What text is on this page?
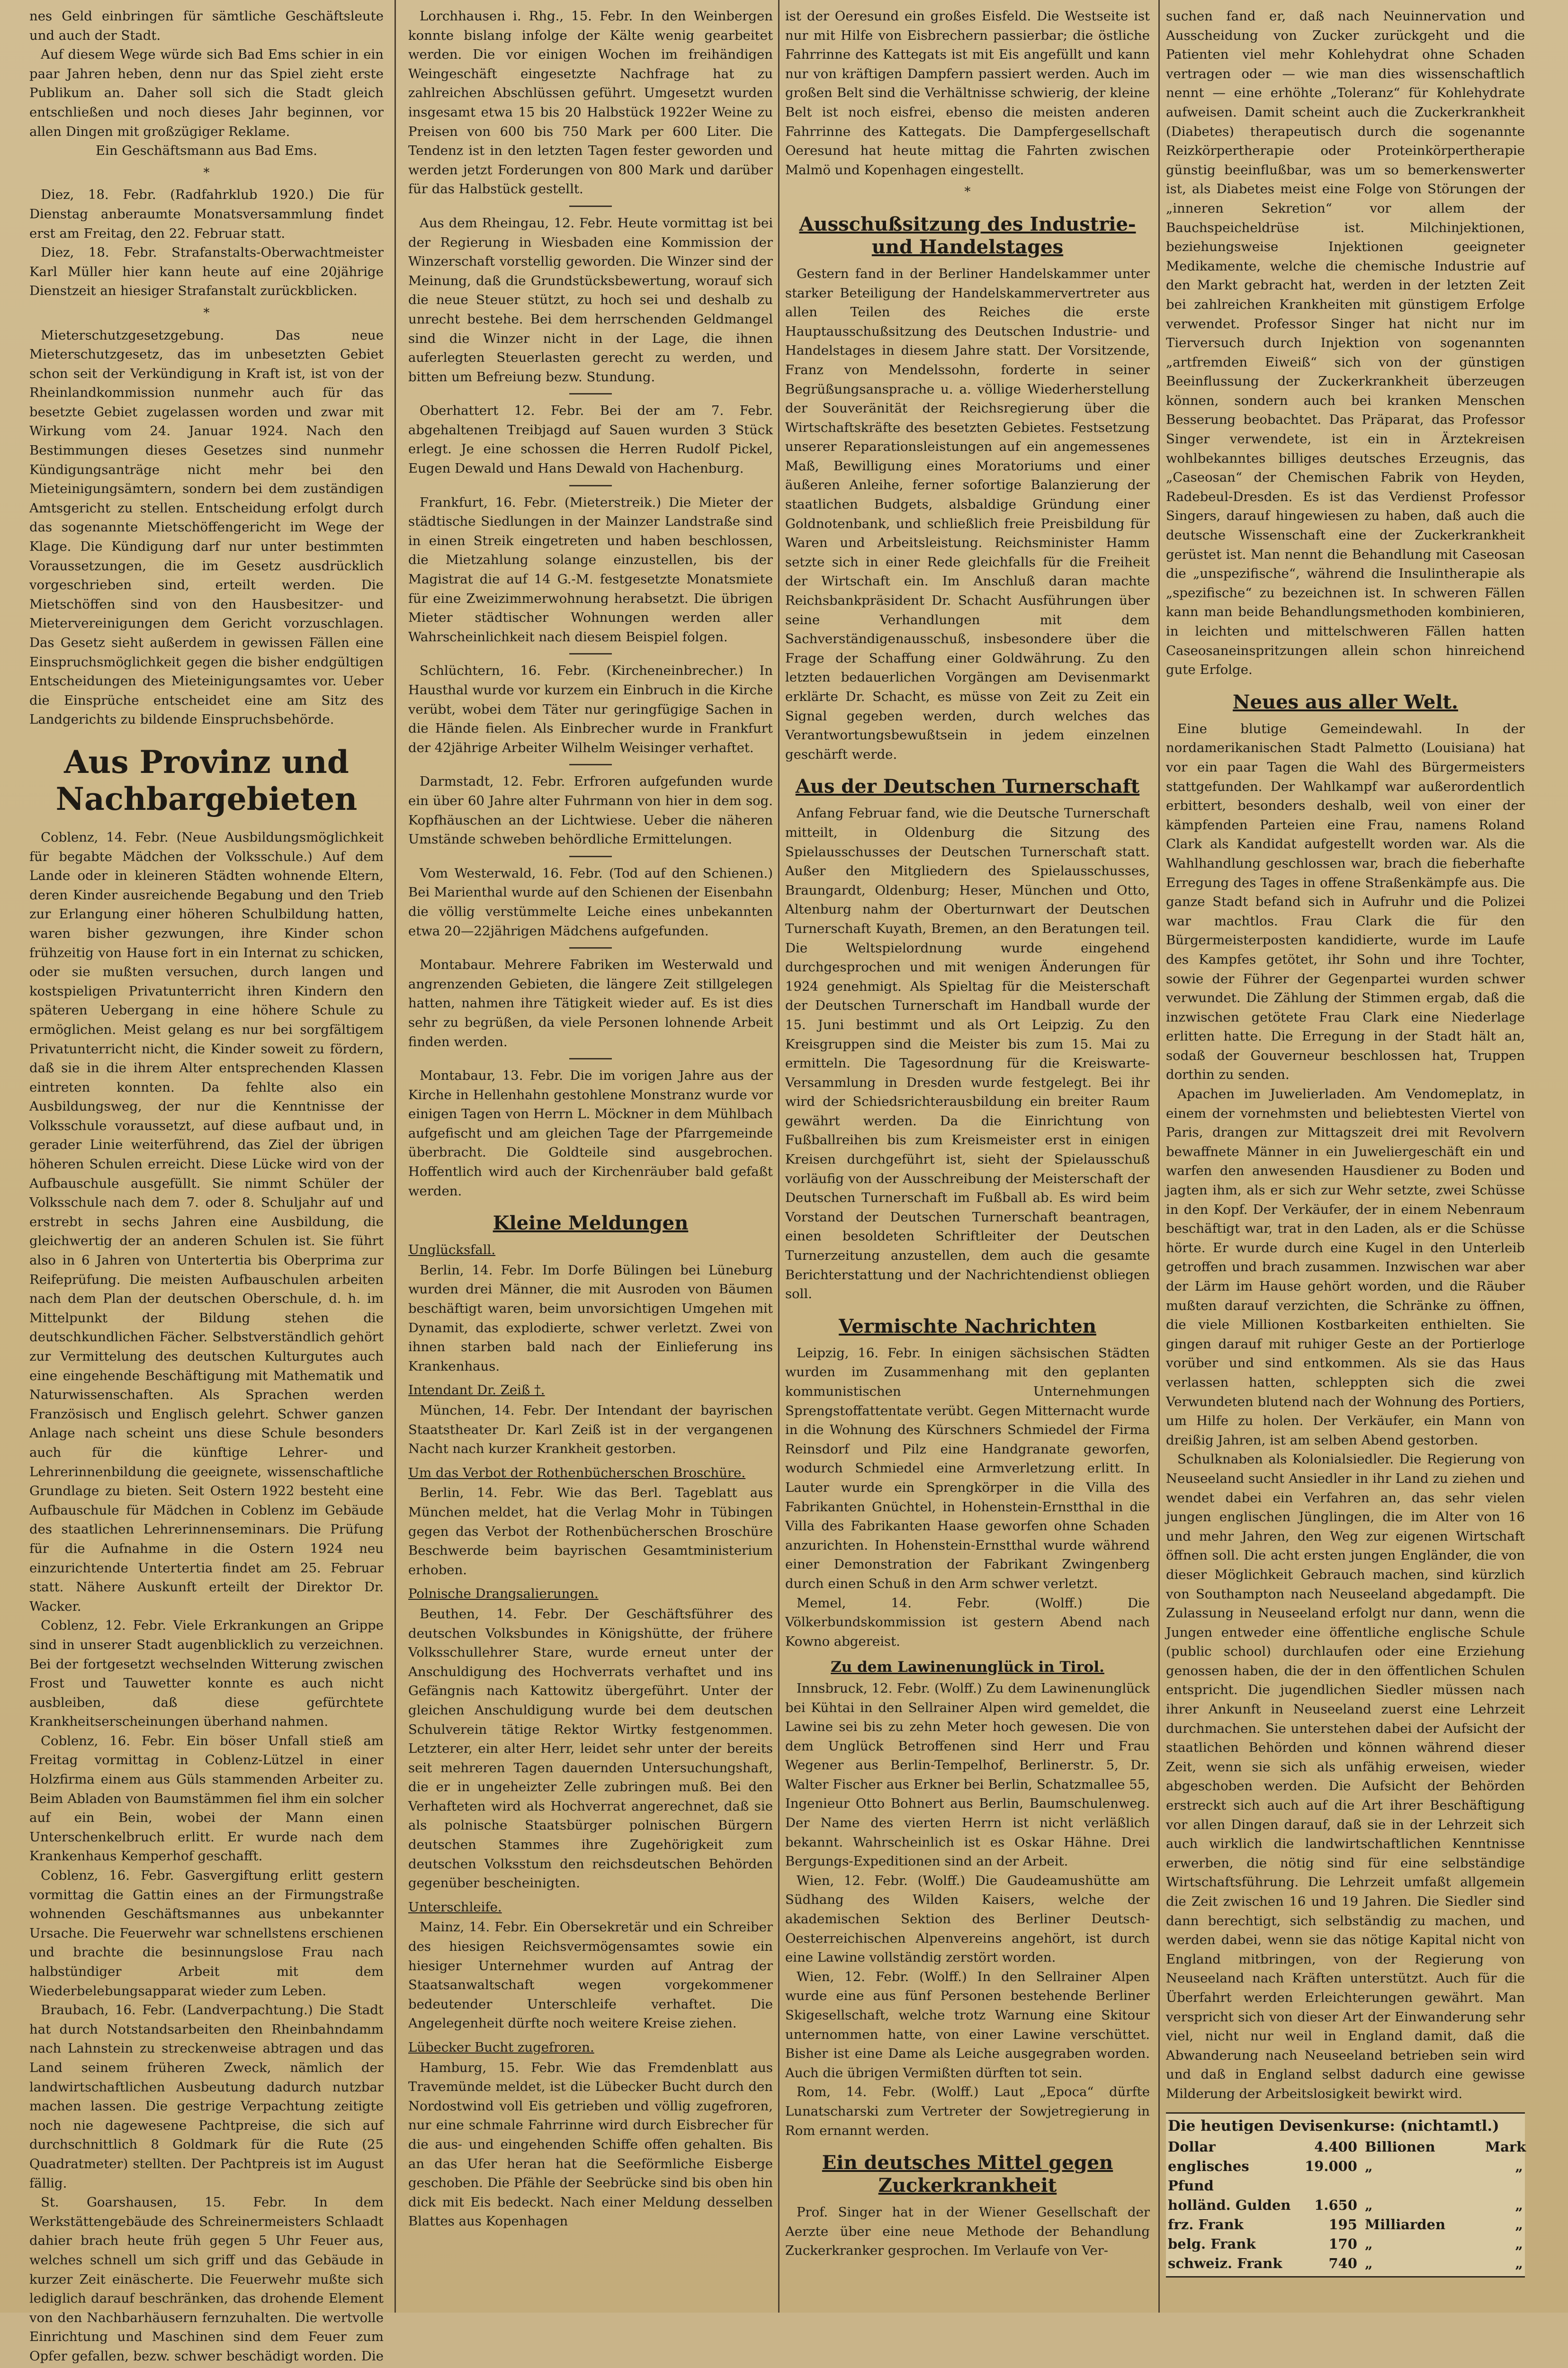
nes Geld einbringen für sämtliche Geschäftsleute und auch der Stadt.

Auf diesem Wege würde sich Bad Ems schier in ein paar Jahren heben, denn nur das Spiel zieht erste Publikum an. Daher soll sich die Stadt gleich entschließen und noch dieses Jahr beginnen, vor allen Dingen mit großzügiger Reklame.

Ein Geschäftsmann aus Bad Ems.

*

Diez, 18. Febr. (Radfahrklub 1920.) Die für Dienstag anberaumte Monatsversammlung findet erst am Freitag, den 22. Februar statt.

Diez, 18. Febr. Strafanstalts-Oberwachtmeister Karl Müller hier kann heute auf eine 20jährige Dienstzeit an hiesiger Strafanstalt zurückblicken.

*

Mieterschutzgesetzgebung. Das neue Mieterschutzgesetz, das im unbesetzten Gebiet schon seit der Verkündigung in Kraft ist, ist von der Rheinlandkommission nunmehr auch für das besetzte Gebiet zugelassen worden und zwar mit Wirkung vom 24. Januar 1924. Nach den Bestimmungen dieses Gesetzes sind nunmehr Kündigungsanträge nicht mehr bei den Mieteinigungsämtern, sondern bei dem zuständigen Amtsgericht zu stellen. Entscheidung erfolgt durch das sogenannte Mietschöffengericht im Wege der Klage. Die Kündigung darf nur unter bestimmten Voraussetzungen, die im Gesetz ausdrücklich vorgeschrieben sind, erteilt werden. Die Mietschöffen sind von den Hausbesitzer- und Mietervereinigungen dem Gericht vorzuschlagen. Das Gesetz sieht außerdem in gewissen Fällen eine Einspruchsmöglichkeit gegen die bisher endgültigen Entscheidungen des Mieteinigungsamtes vor. Ueber die Einsprüche entscheidet eine am Sitz des Landgerichts zu bildende Einspruchsbehörde.

Aus Provinz und Nachbargebieten

Coblenz, 14. Febr. (Neue Ausbildungsmöglichkeit für begabte Mädchen der Volksschule.) Auf dem Lande oder in kleineren Städten wohnende Eltern, deren Kinder ausreichende Begabung und den Trieb zur Erlangung einer höheren Schulbildung hatten, waren bisher gezwungen, ihre Kinder schon frühzeitig von Hause fort in ein Internat zu schicken, oder sie mußten versuchen, durch langen und kostspieligen Privatunterricht ihren Kindern den späteren Uebergang in eine höhere Schule zu ermöglichen. Meist gelang es nur bei sorgfältigem Privatunterricht nicht, die Kinder soweit zu fördern, daß sie in die ihrem Alter entsprechenden Klassen eintreten konnten. Da fehlte also ein Ausbildungsweg, der nur die Kenntnisse der Volksschule voraussetzt, auf diese aufbaut und, in gerader Linie weiterführend, das Ziel der übrigen höheren Schulen erreicht. Diese Lücke wird von der Aufbauschule ausgefüllt. Sie nimmt Schüler der Volksschule nach dem 7. oder 8. Schuljahr auf und erstrebt in sechs Jahren eine Ausbildung, die gleichwertig der an anderen Schulen ist. Sie führt also in 6 Jahren von Untertertia bis Oberprima zur Reifeprüfung. Die meisten Aufbauschulen arbeiten nach dem Plan der deutschen Oberschule, d. h. im Mittelpunkt der Bildung stehen die deutschkundlichen Fächer. Selbstverständlich gehört zur Vermittelung des deutschen Kulturgutes auch eine eingehende Beschäftigung mit Mathematik und Naturwissenschaften. Als Sprachen werden Französisch und Englisch gelehrt. Schwer ganzen Anlage nach scheint uns diese Schule besonders auch für die künftige Lehrer- und Lehrerinnenbildung die geeignete, wissenschaftliche Grundlage zu bieten. Seit Ostern 1922 besteht eine Aufbauschule für Mädchen in Coblenz im Gebäude des staatlichen Lehrerinnenseminars. Die Prüfung für die Aufnahme in die Ostern 1924 neu einzurichtende Untertertia findet am 25. Februar statt. Nähere Auskunft erteilt der Direktor Dr. Wacker.

Coblenz, 12. Febr. Viele Erkrankungen an Grippe sind in unserer Stadt augenblicklich zu verzeichnen. Bei der fortgesetzt wechselnden Witterung zwischen Frost und Tauwetter konnte es auch nicht ausbleiben, daß diese gefürchtete Krankheitserscheinungen überhand nahmen.

Coblenz, 16. Febr. Ein böser Unfall stieß am Freitag vormittag in Coblenz-Lützel in einer Holzfirma einem aus Güls stammenden Arbeiter zu. Beim Abladen von Baumstämmen fiel ihm ein solcher auf ein Bein, wobei der Mann einen Unterschenkelbruch erlitt. Er wurde nach dem Krankenhaus Kemperhof geschafft.

Coblenz, 16. Febr. Gasvergiftung erlitt gestern vormittag die Gattin eines an der Firmungstraße wohnenden Geschäftsmannes aus unbekannter Ursache. Die Feuerwehr war schnellstens erschienen und brachte die besinnungslose Frau nach halbstündiger Arbeit mit dem Wiederbelebungsapparat wieder zum Leben.

Braubach, 16. Febr. (Landverpachtung.) Die Stadt hat durch Notstandsarbeiten den Rheinbahndamm nach Lahnstein zu streckenweise abtragen und das Land seinem früheren Zweck, nämlich der landwirtschaftlichen Ausbeutung dadurch nutzbar machen lassen. Die gestrige Verpachtung zeitigte noch nie dagewesene Pachtpreise, die sich auf durchschnittlich 8 Goldmark für die Rute (25 Quadratmeter) stellten. Der Pachtpreis ist im August fällig.

St. Goarshausen, 15. Febr. In dem Werkstättengebäude des Schreinermeisters Schlaadt dahier brach heute früh gegen 5 Uhr Feuer aus, welches schnell um sich griff und das Gebäude in kurzer Zeit einäscherte. Die Feuerwehr mußte sich lediglich darauf beschränken, das drohende Element von den Nachbarhäusern fernzuhalten. Die wertvolle Einrichtung und Maschinen sind dem Feuer zum Opfer gefallen, bezw. schwer beschädigt worden. Die

Lorchhausen i. Rhg., 15. Febr. In den Weinbergen konnte bislang infolge der Kälte wenig gearbeitet werden. Die vor einigen Wochen im freihändigen Weingeschäft eingesetzte Nachfrage hat zu zahlreichen Abschlüssen geführt. Umgesetzt wurden insgesamt etwa 15 bis 20 Halbstück 1922er Weine zu Preisen von 600 bis 750 Mark per 600 Liter. Die Tendenz ist in den letzten Tagen fester geworden und werden jetzt Forderungen von 800 Mark und darüber für das Halbstück gestellt.

Aus dem Rheingau, 12. Febr. Heute vormittag ist bei der Regierung in Wiesbaden eine Kommission der Winzerschaft vorstellig geworden. Die Winzer sind der Meinung, daß die Grundstücksbewertung, worauf sich die neue Steuer stützt, zu hoch sei und deshalb zu unrecht bestehe. Bei dem herrschenden Geldmangel sind die Winzer nicht in der Lage, die ihnen auferlegten Steuerlasten gerecht zu werden, und bitten um Befreiung bezw. Stundung.

Oberhattert 12. Febr. Bei der am 7. Febr. abgehaltenen Treibjagd auf Sauen wurden 3 Stück erlegt. Je eine schossen die Herren Rudolf Pickel, Eugen Dewald und Hans Dewald von Hachenburg.

Frankfurt, 16. Febr. (Mieterstreik.) Die Mieter der städtische Siedlungen in der Mainzer Landstraße sind in einen Streik eingetreten und haben beschlossen, die Mietzahlung solange einzustellen, bis der Magistrat die auf 14 G.-M. festgesetzte Monatsmiete für eine Zweizimmerwohnung herabsetzt. Die übrigen Mieter städtischer Wohnungen werden aller Wahrscheinlichkeit nach diesem Beispiel folgen.

Schlüchtern, 16. Febr. (Kircheneinbrecher.) In Hausthal wurde vor kurzem ein Einbruch in die Kirche verübt, wobei dem Täter nur geringfügige Sachen in die Hände fielen. Als Einbrecher wurde in Frankfurt der 42jährige Arbeiter Wilhelm Weisinger verhaftet.

Darmstadt, 12. Febr. Erfroren aufgefunden wurde ein über 60 Jahre alter Fuhrmann von hier in dem sog. Kopfhäuschen an der Lichtwiese. Ueber die näheren Umstände schweben behördliche Ermittelungen.

Vom Westerwald, 16. Febr. (Tod auf den Schienen.) Bei Marienthal wurde auf den Schienen der Eisenbahn die völlig verstümmelte Leiche eines unbekannten etwa 20—22jährigen Mädchens aufgefunden.

Montabaur. Mehrere Fabriken im Westerwald und angrenzenden Gebieten, die längere Zeit stillgelegen hatten, nahmen ihre Tätigkeit wieder auf. Es ist dies sehr zu begrüßen, da viele Personen lohnende Arbeit finden werden.

Montabaur, 13. Febr. Die im vorigen Jahre aus der Kirche in Hellenhahn gestohlene Monstranz wurde vor einigen Tagen von Herrn L. Möckner in dem Mühlbach aufgefischt und am gleichen Tage der Pfarrgemeinde überbracht. Die Goldteile sind ausgebrochen. Hoffentlich wird auch der Kirchenräuber bald gefaßt werden.

Kleine Meldungen

Unglücksfall.

Berlin, 14. Febr. Im Dorfe Bülingen bei Lüneburg wurden drei Männer, die mit Ausroden von Bäumen beschäftigt waren, beim unvorsichtigen Umgehen mit Dynamit, das explodierte, schwer verletzt. Zwei von ihnen starben bald nach der Einlieferung ins Krankenhaus.

Intendant Dr. Zeiß †.

München, 14. Febr. Der Intendant der bayrischen Staatstheater Dr. Karl Zeiß ist in der vergangenen Nacht nach kurzer Krankheit gestorben.

Um das Verbot der Rothenbücherschen Broschüre.

Berlin, 14. Febr. Wie das Berl. Tageblatt aus München meldet, hat die Verlag Mohr in Tübingen gegen das Verbot der Rothenbücherschen Broschüre Beschwerde beim bayrischen Gesamtministerium erhoben.

Polnische Drangsalierungen.

Beuthen, 14. Febr. Der Geschäftsführer des deutschen Volksbundes in Königshütte, der frühere Volksschullehrer Stare, wurde erneut unter der Anschuldigung des Hochverrats verhaftet und ins Gefängnis nach Kattowitz übergeführt. Unter der gleichen Anschuldigung wurde bei dem deutschen Schulverein tätige Rektor Wirtky festgenommen. Letzterer, ein alter Herr, leidet sehr unter der bereits seit mehreren Tagen dauernden Untersuchungshaft, die er in ungeheizter Zelle zubringen muß. Bei den Verhafteten wird als Hochverrat angerechnet, daß sie als polnische Staatsbürger polnischen Bürgern deutschen Stammes ihre Zugehörigkeit zum deutschen Volksstum den reichsdeutschen Behörden gegenüber bescheinigten.

Unterschleife.

Mainz, 14. Febr. Ein Obersekretär und ein Schreiber des hiesigen Reichsvermögensamtes sowie ein hiesiger Unternehmer wurden auf Antrag der Staatsanwaltschaft wegen vorgekommener bedeutender Unterschleife verhaftet. Die Angelegenheit dürfte noch weitere Kreise ziehen.

Lübecker Bucht zugefroren.

Hamburg, 15. Febr. Wie das Fremdenblatt aus Travemünde meldet, ist die Lübecker Bucht durch den Nordostwind voll Eis getrieben und völlig zugefroren, nur eine schmale Fahrrinne wird durch Eisbrecher für die aus- und eingehenden Schiffe offen gehalten. Bis an das Ufer heran hat die Seeförmliche Eisberge geschoben. Die Pfähle der Seebrücke sind bis oben hin dick mit Eis bedeckt. Nach einer Meldung desselben Blattes aus Kopenhagen

ist der Oeresund ein großes Eisfeld. Die Westseite ist nur mit Hilfe von Eisbrechern passierbar; die östliche Fahrrinne des Kattegats ist mit Eis angefüllt und kann nur von kräftigen Dampfern passiert werden. Auch im großen Belt sind die Verhältnisse schwierig, der kleine Belt ist noch eisfrei, ebenso die meisten anderen Fahrrinne des Kattegats. Die Dampfergesellschaft Oeresund hat heute mittag die Fahrten zwischen Malmö und Kopenhagen eingestellt.

*
Ausschußsitzung des Industrie- und Handelstages

Gestern fand in der Berliner Handelskammer unter starker Beteiligung der Handelskammervertreter aus allen Teilen des Reiches die erste Hauptausschußsitzung des Deutschen Industrie- und Handelstages in diesem Jahre statt. Der Vorsitzende, Franz von Mendelssohn, forderte in seiner Begrüßungsansprache u. a. völlige Wiederherstellung der Souveränität der Reichsregierung über die Wirtschaftskräfte des besetzten Gebietes. Festsetzung unserer Reparationsleistungen auf ein angemessenes Maß, Bewilligung eines Moratoriums und einer äußeren Anleihe, ferner sofortige Balanzierung der staatlichen Budgets, alsbaldige Gründung einer Goldnotenbank, und schließlich freie Preisbildung für Waren und Arbeitsleistung. Reichsminister Hamm setzte sich in einer Rede gleichfalls für die Freiheit der Wirtschaft ein. Im Anschluß daran machte Reichsbankpräsident Dr. Schacht Ausführungen über seine Verhandlungen mit dem Sachverständigenausschuß, insbesondere über die Frage der Schaffung einer Goldwährung. Zu den letzten bedauerlichen Vorgängen am Devisenmarkt erklärte Dr. Schacht, es müsse von Zeit zu Zeit ein Signal gegeben werden, durch welches das Verantwortungsbewußtsein in jedem einzelnen geschärft werde.

Aus der Deutschen Turnerschaft

Anfang Februar fand, wie die Deutsche Turnerschaft mitteilt, in Oldenburg die Sitzung des Spielausschusses der Deutschen Turnerschaft statt. Außer den Mitgliedern des Spielausschusses, Braungardt, Oldenburg; Heser, München und Otto, Altenburg nahm der Oberturnwart der Deutschen Turnerschaft Kuyath, Bremen, an den Beratungen teil. Die Weltspielordnung wurde eingehend durchgesprochen und mit wenigen Änderungen für 1924 genehmigt. Als Spieltag für die Meisterschaft der Deutschen Turnerschaft im Handball wurde der 15. Juni bestimmt und als Ort Leipzig. Zu den Kreisgruppen sind die Meister bis zum 15. Mai zu ermitteln. Die Tagesordnung für die Kreiswarte-Versammlung in Dresden wurde festgelegt. Bei ihr wird der Schiedsrichterausbildung ein breiter Raum gewährt werden. Da die Einrichtung von Fußballreihen bis zum Kreismeister erst in einigen Kreisen durchgeführt ist, sieht der Spielausschuß vorläufig von der Ausschreibung der Meisterschaft der Deutschen Turnerschaft im Fußball ab. Es wird beim Vorstand der Deutschen Turnerschaft beantragen, einen besoldeten Schriftleiter der Deutschen Turnerzeitung anzustellen, dem auch die gesamte Berichterstattung und der Nachrichtendienst obliegen soll.

Vermischte Nachrichten

Leipzig, 16. Febr. In einigen sächsischen Städten wurden im Zusammenhang mit den geplanten kommunistischen Unternehmungen Sprengstoffattentate verübt. Gegen Mitternacht wurde in die Wohnung des Kürschners Schmiedel der Firma Reinsdorf und Pilz eine Handgranate geworfen, wodurch Schmiedel eine Armverletzung erlitt. In Lauter wurde ein Sprengkörper in die Villa des Fabrikanten Gnüchtel, in Hohenstein-Ernstthal in die Villa des Fabrikanten Haase geworfen ohne Schaden anzurichten. In Hohenstein-Ernstthal wurde während einer Demonstration der Fabrikant Zwingenberg durch einen Schuß in den Arm schwer verletzt.

Memel, 14. Febr. (Wolff.) Die Völkerbundskommission ist gestern Abend nach Kowno abgereist.

Zu dem Lawinenunglück in Tirol.

Innsbruck, 12. Febr. (Wolff.) Zu dem Lawinenunglück bei Kühtai in den Sellrainer Alpen wird gemeldet, die Lawine sei bis zu zehn Meter hoch gewesen. Die von dem Unglück Betroffenen sind Herr und Frau Wegener aus Berlin-Tempelhof, Berlinerstr. 5, Dr. Walter Fischer aus Erkner bei Berlin, Schatzmallee 55, Ingenieur Otto Bohnert aus Berlin, Baumschulenweg. Der Name des vierten Herrn ist nicht verläßlich bekannt. Wahrscheinlich ist es Oskar Hähne. Drei Bergungs-Expeditionen sind an der Arbeit.

Wien, 12. Febr. (Wolff.) Die Gaudeamushütte am Südhang des Wilden Kaisers, welche der akademischen Sektion des Berliner Deutsch-Oesterreichischen Alpenvereins angehört, ist durch eine Lawine vollständig zerstört worden.

Wien, 12. Febr. (Wolff.) In den Sellrainer Alpen wurde eine aus fünf Personen bestehende Berliner Skigesellschaft, welche trotz Warnung eine Skitour unternommen hatte, von einer Lawine verschüttet. Bisher ist eine Dame als Leiche ausgegraben worden. Auch die übrigen Vermißten dürften tot sein.

Rom, 14. Febr. (Wolff.) Laut „Epoca“ dürfte Lunatscharski zum Vertreter der Sowjetregierung in Rom ernannt werden.

Ein deutsches Mittel gegen Zuckerkrankheit

Prof. Singer hat in der Wiener Gesellschaft der Aerzte über eine neue Methode der Behandlung Zuckerkranker gesprochen. Im Verlaufe von Ver-

suchen fand er, daß nach Neuinnervation und Ausscheidung von Zucker zurückgeht und die Patienten viel mehr Kohlehydrat ohne Schaden vertragen oder — wie man dies wissenschaftlich nennt — eine erhöhte „Toleranz“ für Kohlehydrate aufweisen. Damit scheint auch die Zuckerkrankheit (Diabetes) therapeutisch durch die sogenannte Reizkörpertherapie oder Proteinkörpertherapie günstig beeinflußbar, was um so bemerkenswerter ist, als Diabetes meist eine Folge von Störungen der „inneren Sekretion“ vor allem der Bauchspeicheldrüse ist. Milchinjektionen, beziehungsweise Injektionen geeigneter Medikamente, welche die chemische Industrie auf den Markt gebracht hat, werden in der letzten Zeit bei zahlreichen Krankheiten mit günstigem Erfolge verwendet. Professor Singer hat nicht nur im Tierversuch durch Injektion von sogenannten „artfremden Eiweiß“ sich von der günstigen Beeinflussung der Zuckerkrankheit überzeugen können, sondern auch bei kranken Menschen Besserung beobachtet. Das Präparat, das Professor Singer verwendete, ist ein in Ärztekreisen wohlbekanntes billiges deutsches Erzeugnis, das „Caseosan“ der Chemischen Fabrik von Heyden, Radebeul-Dresden. Es ist das Verdienst Professor Singers, darauf hingewiesen zu haben, daß auch die deutsche Wissenschaft eine der Zuckerkrankheit gerüstet ist. Man nennt die Behandlung mit Caseosan die „unspezifische“, während die Insulintherapie als „spezifische“ zu bezeichnen ist. In schweren Fällen kann man beide Behandlungsmethoden kombinieren, in leichten und mittelschweren Fällen hatten Caseosaneinspritzungen allein schon hinreichend gute Erfolge.

Neues aus aller Welt.

Eine blutige Gemeindewahl. In der nordamerikanischen Stadt Palmetto (Louisiana) hat vor ein paar Tagen die Wahl des Bürgermeisters stattgefunden. Der Wahlkampf war außerordentlich erbittert, besonders deshalb, weil von einer der kämpfenden Parteien eine Frau, namens Roland Clark als Kandidat aufgestellt worden war. Als die Wahlhandlung geschlossen war, brach die fieberhafte Erregung des Tages in offene Straßenkämpfe aus. Die ganze Stadt befand sich in Aufruhr und die Polizei war machtlos. Frau Clark die für den Bürgermeisterposten kandidierte, wurde im Laufe des Kampfes getötet, ihr Sohn und ihre Tochter, sowie der Führer der Gegenpartei wurden schwer verwundet. Die Zählung der Stimmen ergab, daß die inzwischen getötete Frau Clark eine Niederlage erlitten hatte. Die Erregung in der Stadt hält an, sodaß der Gouverneur beschlossen hat, Truppen dorthin zu senden.

Apachen im Juwelierladen. Am Vendomeplatz, in einem der vornehmsten und beliebtesten Viertel von Paris, drangen zur Mittagszeit drei mit Revolvern bewaffnete Männer in ein Juweliergeschäft ein und warfen den anwesenden Hausdiener zu Boden und jagten ihm, als er sich zur Wehr setzte, zwei Schüsse in den Kopf. Der Verkäufer, der in einem Nebenraum beschäftigt war, trat in den Laden, als er die Schüsse hörte. Er wurde durch eine Kugel in den Unterleib getroffen und brach zusammen. Inzwischen war aber der Lärm im Hause gehört worden, und die Räuber mußten darauf verzichten, die Schränke zu öffnen, die viele Millionen Kostbarkeiten enthielten. Sie gingen darauf mit ruhiger Geste an der Portierloge vorüber und sind entkommen. Als sie das Haus verlassen hatten, schleppten sich die zwei Verwundeten blutend nach der Wohnung des Portiers, um Hilfe zu holen. Der Verkäufer, ein Mann von dreißig Jahren, ist am selben Abend gestorben.

Schulknaben als Kolonialsiedler. Die Regierung von Neuseeland sucht Ansiedler in ihr Land zu ziehen und wendet dabei ein Verfahren an, das sehr vielen jungen englischen Jünglingen, die im Alter von 16 und mehr Jahren, den Weg zur eigenen Wirtschaft öffnen soll. Die acht ersten jungen Engländer, die von dieser Möglichkeit Gebrauch machen, sind kürzlich von Southampton nach Neuseeland abgedampft. Die Zulassung in Neuseeland erfolgt nur dann, wenn die Jungen entweder eine öffentliche englische Schule (public school) durchlaufen oder eine Erziehung genossen haben, die der in den öffentlichen Schulen entspricht. Die jugendlichen Siedler müssen nach ihrer Ankunft in Neuseeland zuerst eine Lehrzeit durchmachen. Sie unterstehen dabei der Aufsicht der staatlichen Behörden und können während dieser Zeit, wenn sie sich als unfähig erweisen, wieder abgeschoben werden. Die Aufsicht der Behörden erstreckt sich auch auf die Art ihrer Beschäftigung vor allen Dingen darauf, daß sie in der Lehrzeit sich auch wirklich die landwirtschaftlichen Kenntnisse erwerben, die nötig sind für eine selbständige Wirtschaftsführung. Die Lehrzeit umfaßt allgemein die Zeit zwischen 16 und 19 Jahren. Die Siedler sind dann berechtigt, sich selbständig zu machen, und werden dabei, wenn sie das nötige Kapital nicht von England mitbringen, von der Regierung von Neuseeland nach Kräften unterstützt. Auch für die Überfahrt werden Erleichterungen gewährt. Man verspricht sich von dieser Art der Einwanderung sehr viel, nicht nur weil in England damit, daß die Abwanderung nach Neuseeland betrieben sein wird und daß in England selbst dadurch eine gewisse Milderung der Arbeitslosigkeit bewirkt wird.

Die heutigen Devisenkurse: (nichtamtl.)
Dollar	4.400 Billionen	Mark
englisches Pfund
19.000 „	„
holländ. Gulden	1.650 „	„
frz. Frank	195 Milliarden	„
belg. Frank	170 „	„
schweiz. Frank	740 „	„
